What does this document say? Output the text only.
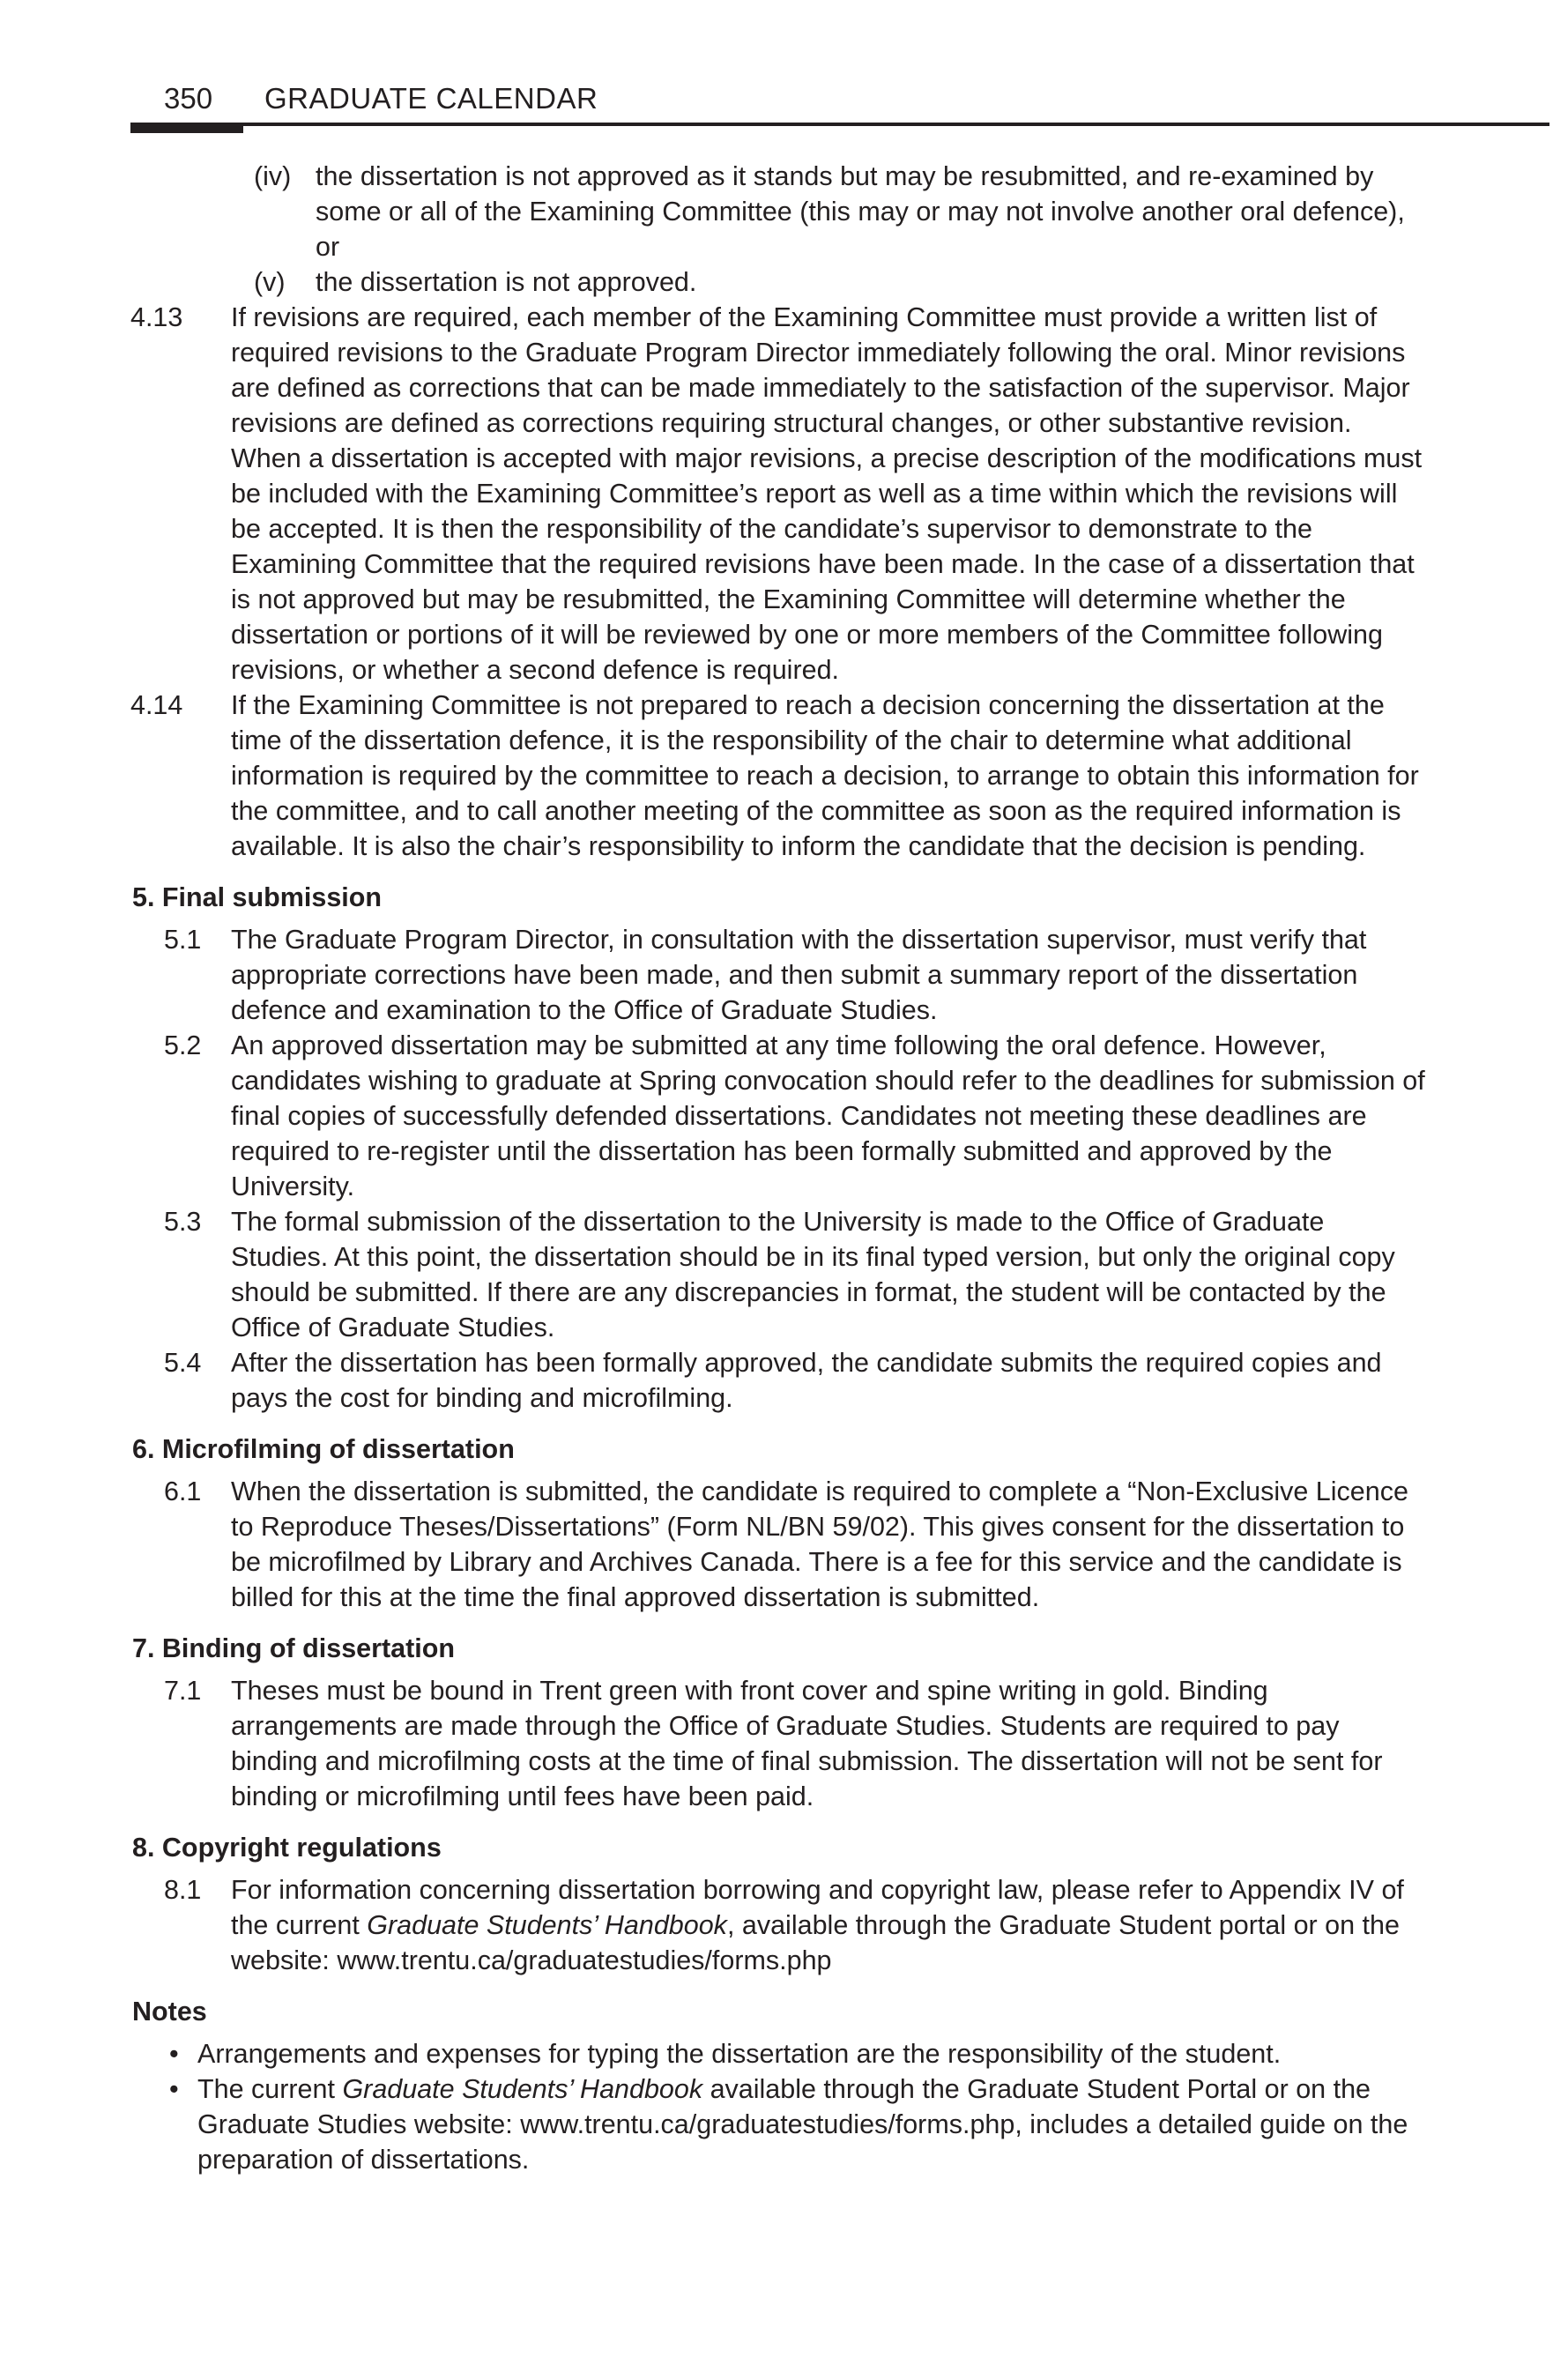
350 GRADUATE CALENDAR
(iv) the dissertation is not approved as it stands but may be resubmitted, and re-examined by some or all of the Examining Committee (this may or may not involve another oral defence), or
(v) the dissertation is not approved.
4.13 If revisions are required, each member of the Examining Committee must provide a written list of required revisions to the Graduate Program Director immediately following the oral. Minor revisions are defined as corrections that can be made immediately to the satisfaction of the supervisor. Major revisions are defined as corrections requiring structural changes, or other substantive revision. When a dissertation is accepted with major revisions, a precise description of the modifications must be included with the Examining Committee’s report as well as a time within which the revisions will be accepted. It is then the responsibility of the candidate’s supervisor to demonstrate to the Examining Committee that the required revisions have been made. In the case of a dissertation that is not approved but may be resubmitted, the Examining Committee will determine whether the dissertation or portions of it will be reviewed by one or more members of the Committee following revisions, or whether a second defence is required.
4.14 If the Examining Committee is not prepared to reach a decision concerning the dissertation at the time of the dissertation defence, it is the responsibility of the chair to determine what additional information is required by the committee to reach a decision, to arrange to obtain this information for the committee, and to call another meeting of the committee as soon as the required information is available. It is also the chair’s responsibility to inform the candidate that the decision is pending.
5. Final submission
5.1	The Graduate Program Director, in consultation with the dissertation supervisor, must verify that appropriate corrections have been made, and then submit a summary report of the dissertation defence and examination to the Office of Graduate Studies.
5.2	An approved dissertation may be submitted at any time following the oral defence. However, candidates wishing to graduate at Spring convocation should refer to the deadlines for submission of final copies of successfully defended dissertations. Candidates not meeting these deadlines are required to re-register until the dissertation has been formally submitted and approved by the University.
5.3	The formal submission of the dissertation to the University is made to the Office of Graduate Studies. At this point, the dissertation should be in its final typed version, but only the original copy should be submitted. If there are any discrepancies in format, the student will be contacted by the Office of Graduate Studies.
5.4	After the dissertation has been formally approved, the candidate submits the required copies and pays the cost for binding and microfilming.
6. Microfilming of dissertation
6.1	When the dissertation is submitted, the candidate is required to complete a “Non-Exclusive Licence to Reproduce Theses/Dissertations” (Form NL/BN 59/02). This gives consent for the dissertation to be microfilmed by Library and Archives Canada. There is a fee for this service and the candidate is billed for this at the time the final approved dissertation is submitted.
7. Binding of dissertation
7.1	Theses must be bound in Trent green with front cover and spine writing in gold. Binding arrangements are made through the Office of Graduate Studies. Students are required to pay binding and microfilming costs at the time of final submission. The dissertation will not be sent for binding or microfilming until fees have been paid.
8. Copyright regulations
8.1	For information concerning dissertation borrowing and copyright law, please refer to Appendix IV of the current Graduate Students’ Handbook, available through the Graduate Student portal or on the website: www.trentu.ca/graduatestudies/forms.php
Notes
• Arrangements and expenses for typing the dissertation are the responsibility of the student.
• The current Graduate Students’ Handbook available through the Graduate Student Portal or on the Graduate Studies website: www.trentu.ca/graduatestudies/forms.php, includes a detailed guide on the preparation of dissertations.
